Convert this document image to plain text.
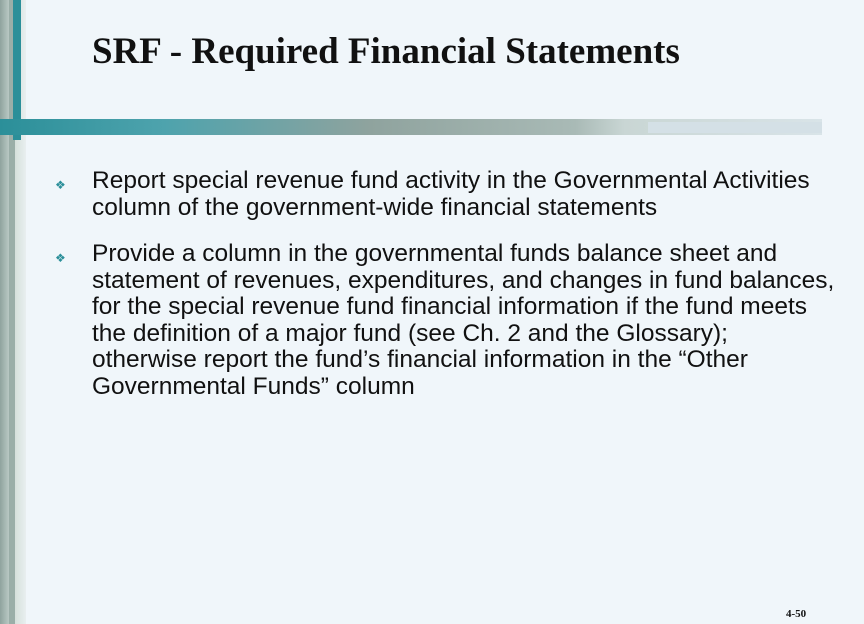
SRF - Required Financial Statements
❖ Report special revenue fund activity in the Governmental Activities column of the government-wide financial statements
❖ Provide a column in the governmental funds balance sheet and statement of revenues, expenditures, and changes in fund balances, for the special revenue fund financial information if the fund meets the definition of a major fund (see Ch. 2 and the Glossary); otherwise report the fund’s financial information in the “Other Governmental Funds” column
4-50
